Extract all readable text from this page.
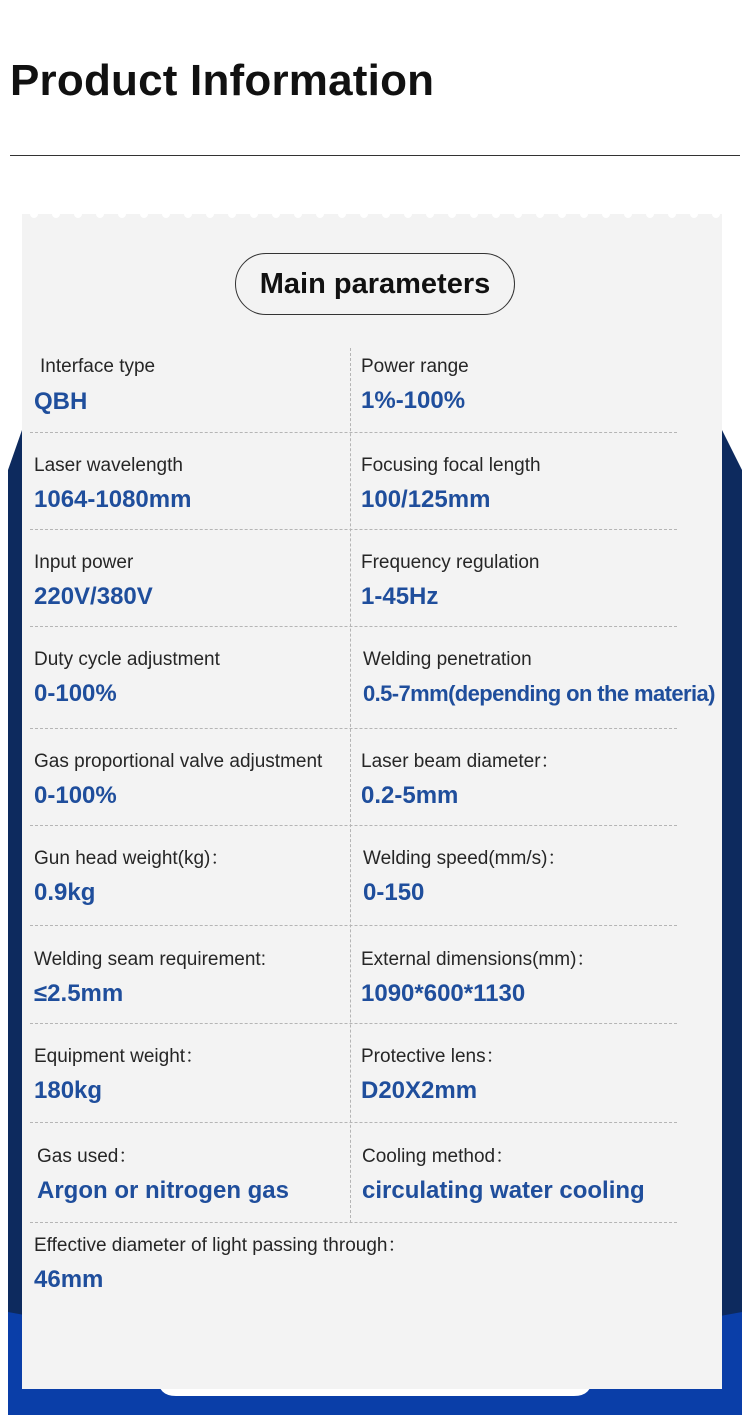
Product Information
Main parameters
Interface type
QBH
Power range
1%-100%
Laser wavelength
1064-1080mm
Focusing focal length
100/125mm
Input power
220V/380V
Frequency regulation
1-45Hz
Duty cycle adjustment
0-100%
Welding penetration
0.5-7mm(depending on the materia)
Gas proportional valve adjustment
0-100%
Laser beam diameter：
0.2-5mm
Gun head weight(kg)：
0.9kg
Welding speed(mm/s)：
0-150
Welding seam requirement:
≤2.5mm
External dimensions(mm)：
1090*600*1130
Equipment weight：
180kg
Protective lens：
D20X2mm
Gas used：
Argon or nitrogen gas
Cooling method：
circulating water cooling
Effective diameter of light passing through：
46mm
